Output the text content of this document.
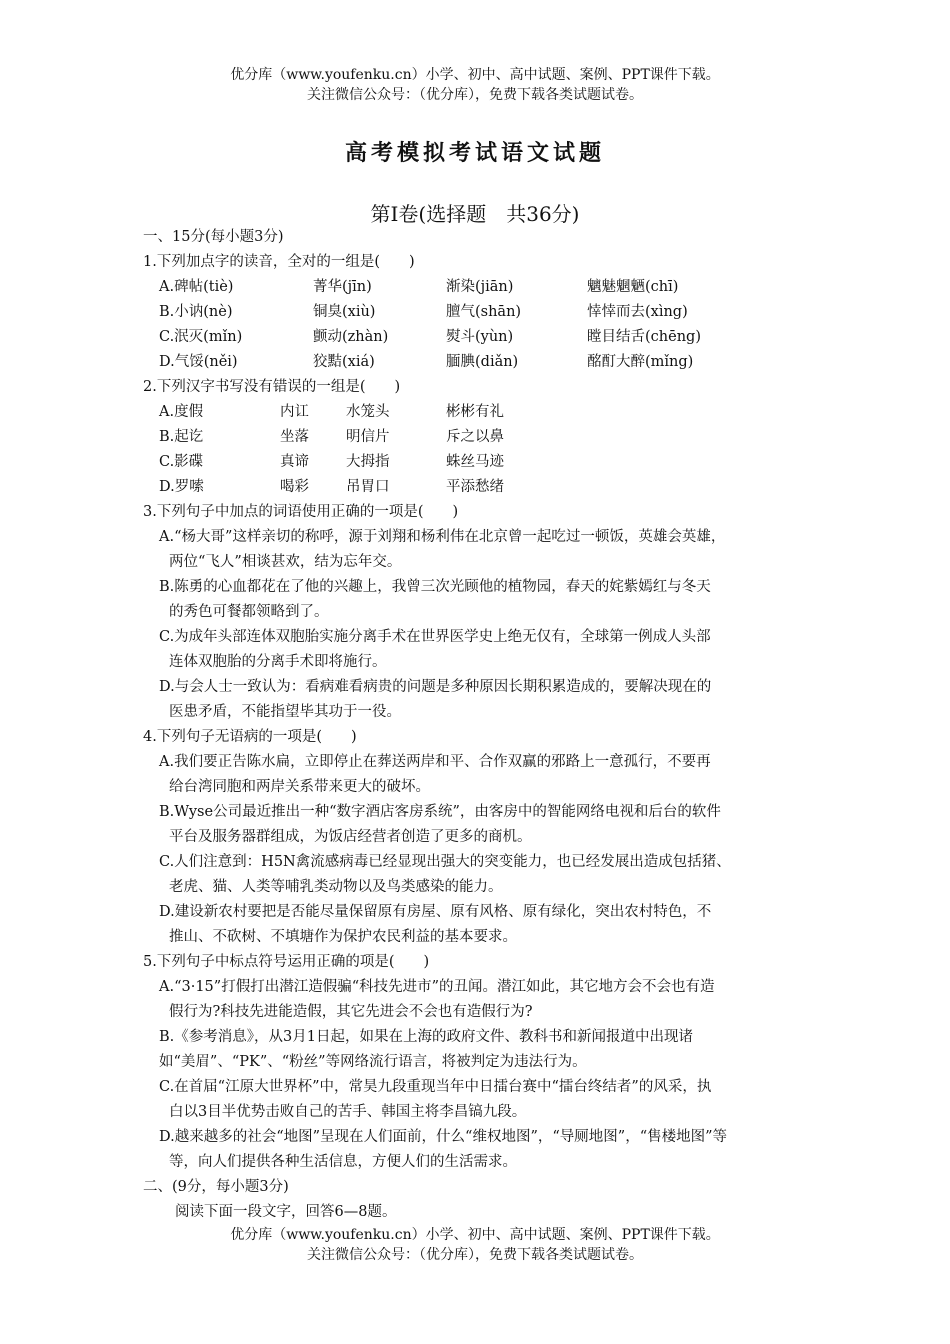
优分库（www.youfenku.cn）小学、初中、高中试题、案例、PPT课件下载。
关注微信公众号：（优分库），免费下载各类试题试卷。
高考模拟考试语文试题
第Ⅰ卷(选择题　共36分)
一、15分(每小题3分)
1.下列加点字的读音，全对的一组是(　　)
A.碑帖(tiè)	菁华(jīn)	渐染(jiān)	魑魅魍魉(chī)
B.小讷(nè)	铜臭(xiù)	膻气(shān)	悻悻而去(xìng)
C.泯灭(mǐn)	颤动(zhàn)	熨斗(yùn)	瞠目结舌(chēng)
D.气馁(něi)	狡黠(xiá)	腼腆(diǎn)	酩酊大醉(mǐng)
2.下列汉字书写没有错误的一组是(　　)
A.度假	内讧	水笼头	彬彬有礼
B.起讫	坐落	明信片	斥之以鼻
C.影碟	真谛	大拇指	蛛丝马迹
D.罗嗦	喝彩	吊胃口	平添愁绪
3.下列句子中加点的词语使用正确的一项是(　　)
A.“杨大哥”这样亲切的称呼，源于刘翔和杨利伟在北京曾一起吃过一顿饭，英雄会英雄，
两位“飞人”相谈甚欢，结为忘年交。
B.陈勇的心血都花在了他的兴趣上，我曾三次光顾他的植物园，春天的姹紫嫣红与冬天
的秀色可餐都领略到了。
C.为成年头部连体双胞胎实施分离手术在世界医学史上绝无仅有，全球第一例成人头部
连体双胞胎的分离手术即将施行。
D.与会人士一致认为：看病难看病贵的问题是多种原因长期积累造成的，要解决现在的
医患矛盾，不能指望毕其功于一役。
4.下列句子无语病的一项是(　　)
A.我们要正告陈水扁，立即停止在葬送两岸和平、合作双赢的邪路上一意孤行，不要再
给台湾同胞和两岸关系带来更大的破坏。
B.Wyse公司最近推出一种“数字酒店客房系统”，由客房中的智能网络电视和后台的软件
平台及服务器群组成，为饭店经营者创造了更多的商机。
C.人们注意到：H5N禽流感病毒已经显现出强大的突变能力，也已经发展出造成包括猪、
老虎、猫、人类等哺乳类动物以及鸟类感染的能力。
D.建设新农村要把是否能尽量保留原有房屋、原有风格、原有绿化，突出农村特色，不
推山、不砍树、不填塘作为保护农民利益的基本要求。
5.下列句子中标点符号运用正确的项是(　　)
A.“3·15”打假打出潜江造假骗“科技先进市”的丑闻。潜江如此，其它地方会不会也有造
假行为?科技先进能造假，其它先进会不会也有造假行为?
B.《参考消息》，从3月1日起，如果在上海的政府文件、教科书和新闻报道中出现诸
如“美眉”、“PK”、“粉丝”等网络流行语言，将被判定为违法行为。
C.在首届“江原大世界杯”中，常昊九段重现当年中日擂台赛中“擂台终结者”的风采，执
白以3目半优势击败自己的苦手、韩国主将李昌镐九段。
D.越来越多的社会“地图”呈现在人们面前，什么“维权地图”，“导厕地图”，“售楼地图”等
等，向人们提供各种生活信息，方便人们的生活需求。
二、(9分，每小题3分)
阅读下面一段文字，回答6—8题。
优分库（www.youfenku.cn）小学、初中、高中试题、案例、PPT课件下载。
关注微信公众号：（优分库），免费下载各类试题试卷。
